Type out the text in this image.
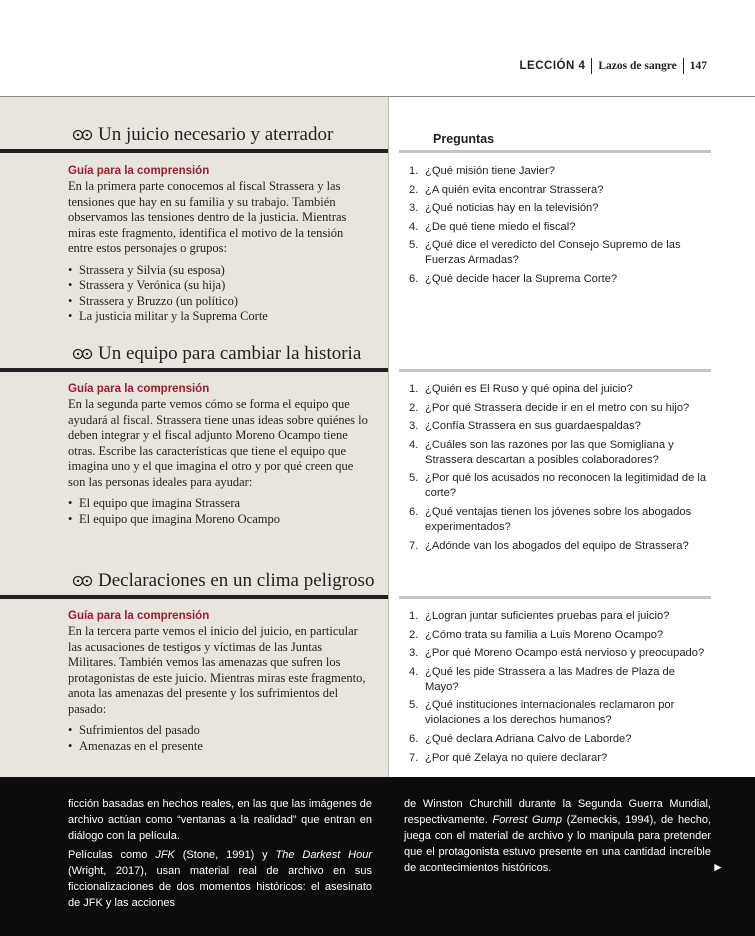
LECCIÓN 4 Lazos de sangre 147
Preguntas
Un juicio necesario y aterrador
Guía para la comprensión

En la primera parte conocemos al fiscal Strassera y las tensiones que hay en su familia y su trabajo. También observamos las tensiones dentro de la justicia. Mientras miras este fragmento, identifica el motivo de la tensión entre estos personajes o grupos:

• Strassera y Silvia (su esposa)
• Strassera y Verónica (su hija)
• Strassera y Bruzzo (un político)
• La justicia militar y la Suprema Corte
1. ¿Qué misión tiene Javier?
2. ¿A quién evita encontrar Strassera?
3. ¿Qué noticias hay en la televisión?
4. ¿De qué tiene miedo el fiscal?
5. ¿Qué dice el veredicto del Consejo Supremo de las Fuerzas Armadas?
6. ¿Qué decide hacer la Suprema Corte?
Un equipo para cambiar la historia
Guía para la comprensión

En la segunda parte vemos cómo se forma el equipo que ayudará al fiscal. Strassera tiene unas ideas sobre quiénes lo deben integrar y el fiscal adjunto Moreno Ocampo tiene otras. Escribe las características que tiene el equipo que imagina uno y el que imagina el otro y por qué creen que son las personas ideales para ayudar:

• El equipo que imagina Strassera
• El equipo que imagina Moreno Ocampo
1. ¿Quién es El Ruso y qué opina del juicio?
2. ¿Por qué Strassera decide ir en el metro con su hijo?
3. ¿Confía Strassera en sus guardaespaldas?
4. ¿Cuáles son las razones por las que Somigliana y Strassera descartan a posibles colaboradores?
5. ¿Por qué los acusados no reconocen la legitimidad de la corte?
6. ¿Qué ventajas tienen los jóvenes sobre los abogados experimentados?
7. ¿Adónde van los abogados del equipo de Strassera?
Declaraciones en un clima peligroso
Guía para la comprensión

En la tercera parte vemos el inicio del juicio, en particular las acusaciones de testigos y víctimas de las Juntas Militares. También vemos las amenazas que sufren los protagonistas de este juicio. Mientras miras este fragmento, anota las amenazas del presente y los sufrimientos del pasado:

• Sufrimientos del pasado
• Amenazas en el presente
1. ¿Logran juntar suficientes pruebas para el juicio?
2. ¿Cómo trata su familia a Luis Moreno Ocampo?
3. ¿Por qué Moreno Ocampo está nervioso y preocupado?
4. ¿Qué les pide Strassera a las Madres de Plaza de Mayo?
5. ¿Qué instituciones internacionales reclamaron por violaciones a los derechos humanos?
6. ¿Qué declara Adriana Calvo de Laborde?
7. ¿Por qué Zelaya no quiere declarar?

ficción basadas en hechos reales, en las que las imágenes de archivo actúan como “ventanas a la realidad” que entran en diálogo con la película.

Películas como JFK (Stone, 1991) y The Darkest Hour (Wright, 2017), usan material real de archivo en sus ficcionalizaciones de dos momentos históricos: el asesinato de JFK y las acciones

de Winston Churchill durante la Segunda Guerra Mundial, respectivamente. Forrest Gump (Zemeckis, 1994), de hecho, juega con el material de archivo y lo manipula para pretender que el protagonista estuvo presente en una cantidad increíble de acontecimientos históricos.	►
